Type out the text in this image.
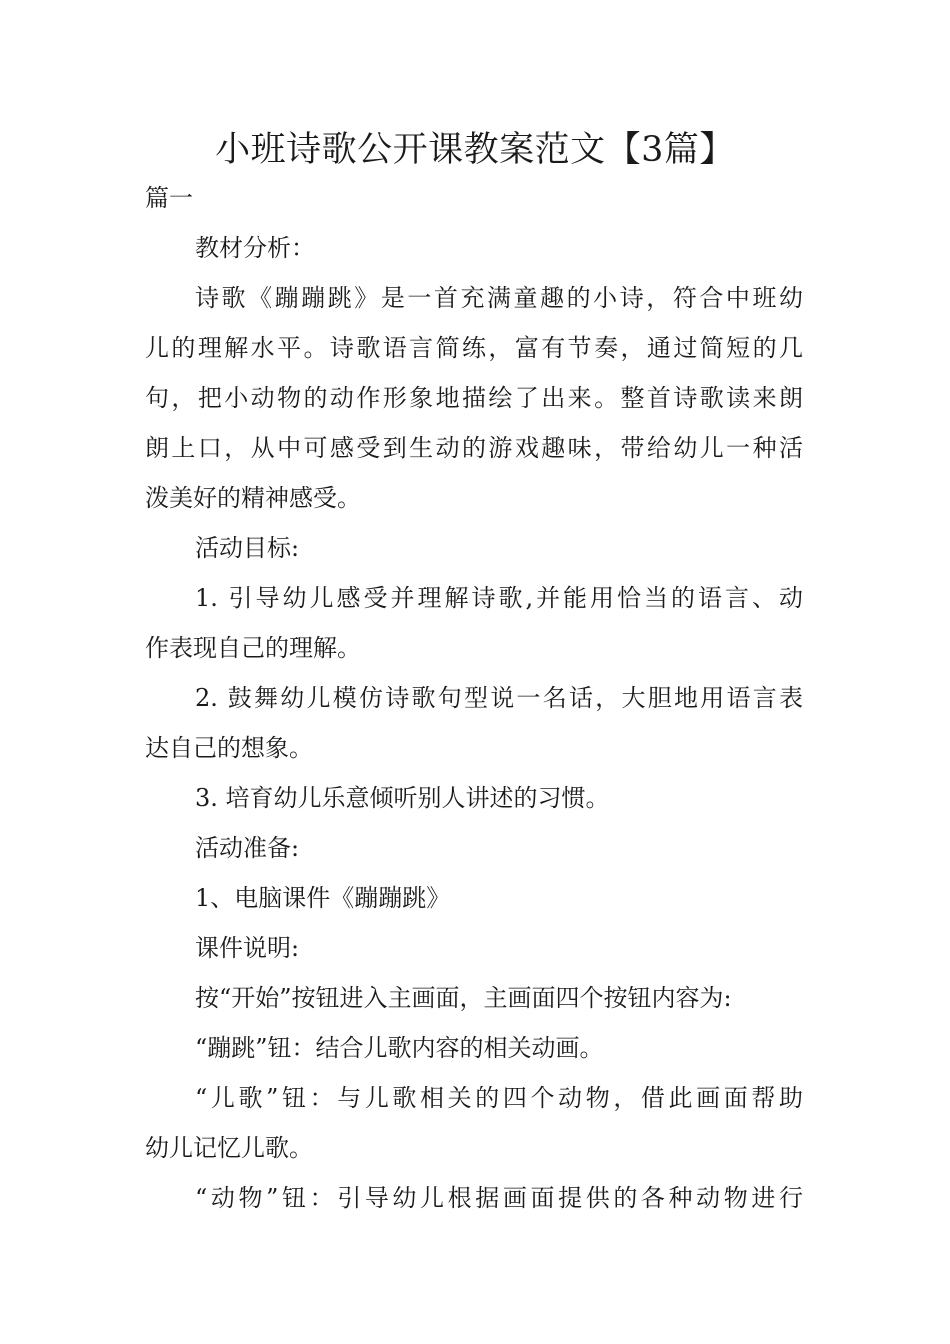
小班诗歌公开课教案范文【3篇】
篇一
教材分析：
诗歌《蹦蹦跳》是一首充满童趣的小诗，符合中班幼
儿的理解水平。诗歌语言简练，富有节奏，通过简短的几
句，把小动物的动作形象地描绘了出来。整首诗歌读来朗
朗上口，从中可感受到生动的游戏趣味，带给幼儿一种活
泼美好的精神感受。
活动目标:
1. 引导幼儿感受并理解诗歌,并能用恰当的语言、动
作表现自己的理解。
2. 鼓舞幼儿模仿诗歌句型说一名话，大胆地用语言表
达自己的想象。
3. 培育幼儿乐意倾听别人讲述的习惯。
活动准备:
1、电脑课件《蹦蹦跳》
课件说明:
按“开始”按钮进入主画面，主画面四个按钮内容为:
“蹦跳”钮：结合儿歌内容的相关动画。
“儿歌”钮：与儿歌相关的四个动物，借此画面帮助
幼儿记忆儿歌。
“动物”钮：引导幼儿根据画面提供的各种动物进行
